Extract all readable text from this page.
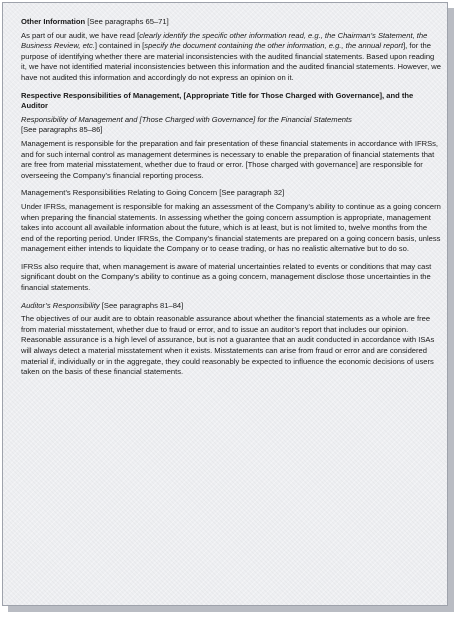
Other Information [See paragraphs 65–71]

As part of our audit, we have read [clearly identify the specific other information read, e.g., the Chairman’s Statement, the Business Review, etc.] contained in [specify the document containing the other information, e.g., the annual report], for the purpose of identifying whether there are material inconsistencies with the audited financial statements. Based upon reading it, we have not identified material inconsistencies between this information and the audited financial statements. However, we have not audited this information and accordingly do not express an opinion on it.

Respective Responsibilities of Management, [Appropriate Title for Those Charged with Governance], and the Auditor

Responsibility of Management and [Those Charged with Governance] for the Financial Statements
[See paragraphs 85–86]

Management is responsible for the preparation and fair presentation of these financial statements in accordance with IFRSs, and for such internal control as management determines is necessary to enable the preparation of financial statements that are free from material misstatement, whether due to fraud or error. [Those charged with governance] are responsible for overseeing the Company’s financial reporting process.

Management’s Responsibilities Relating to Going Concern [See paragraph 32]

Under IFRSs, management is responsible for making an assessment of the Company’s ability to continue as a going concern when preparing the financial statements. In assessing whether the going concern assumption is appropriate, management takes into account all available information about the future, which is at least, but is not limited to, twelve months from the end of the reporting period. Under IFRSs, the Company’s financial statements are prepared on a going concern basis, unless management either intends to liquidate the Company or to cease trading, or has no realistic alternative but to do so.

IFRSs also require that, when management is aware of material uncertainties related to events or conditions that may cast significant doubt on the Company’s ability to continue as a going concern, management disclose those uncertainties in the financial statements.

Auditor’s Responsibility [See paragraphs 81–84]

The objectives of our audit are to obtain reasonable assurance about whether the financial statements as a whole are free from material misstatement, whether due to fraud or error, and to issue an auditor’s report that includes our opinion. Reasonable assurance is a high level of assurance, but is not a guarantee that an audit conducted in accordance with ISAs will always detect a material misstatement when it exists. Misstatements can arise from fraud or error and are considered material if, individually or in the aggregate, they could reasonably be expected to influence the economic decisions of users taken on the basis of these financial statements.
